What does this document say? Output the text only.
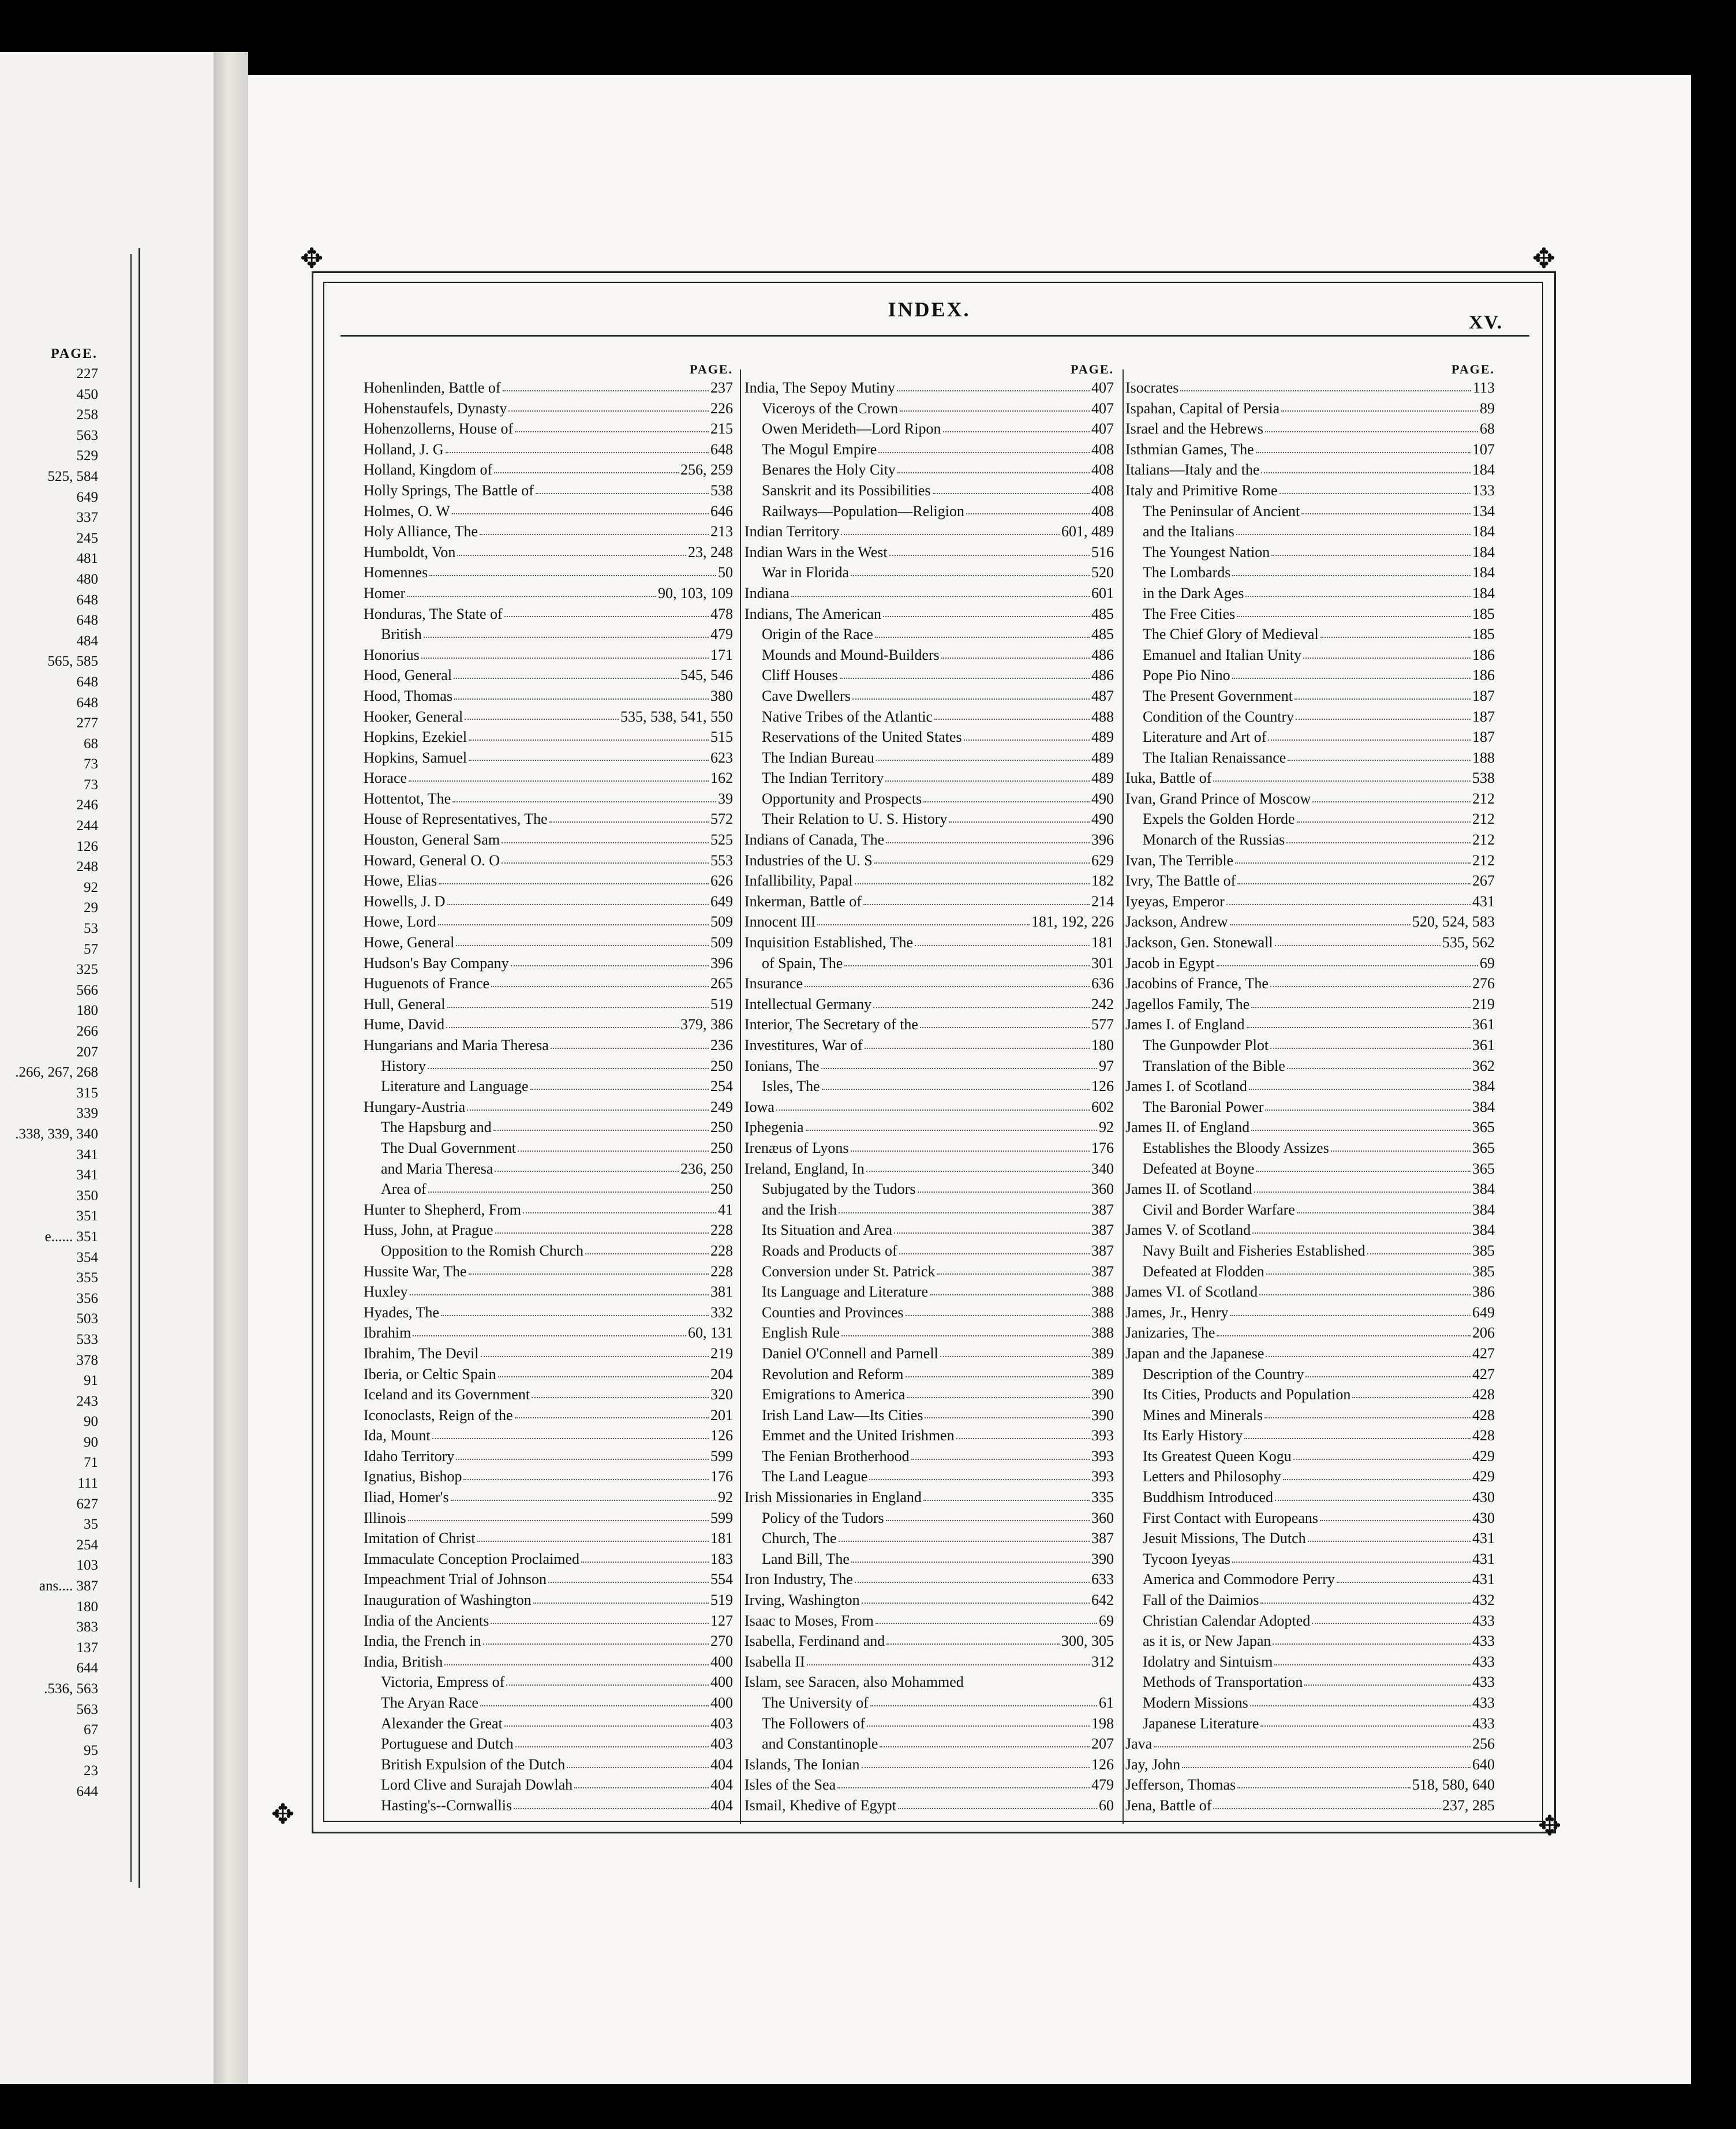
PAGE.
227
450
258
563
529
525, 584
649
337
245
481
480
648
648
484
565, 585
648
648
277
68
73
73
246
244
126
248
92
29
53
57
325
566
180
266
207
.266, 267, 268
315
339
.338, 339, 340
341
341
350
351
e...... 351
354
355
356
503
533
378
91
243
90
90
71
111
627
35
254
103
ans.... 387
180
383
137
644
.536, 563
563
67
95
23
644
✥	✥
✥	✥
INDEX.
XV.
PAGE.
Hohenlinden, Battle of	237
Hohenstaufels, Dynasty	226
Hohenzollerns, House of	215
Holland, J. G	648
Holland, Kingdom of	256, 259
Holly Springs, The Battle of	538
Holmes, O. W	646
Holy Alliance, The	213
Humboldt, Von	23, 248
Homennes	50
Homer	90, 103, 109
Honduras, The State of	478
British	479
Honorius	171
Hood, General	545, 546
Hood, Thomas	380
Hooker, General	535, 538, 541, 550
Hopkins, Ezekiel	515
Hopkins, Samuel	623
Horace	162
Hottentot, The	39
House of Representatives, The	572
Houston, General Sam	525
Howard, General O. O	553
Howe, Elias	626
Howells, J. D	649
Howe, Lord	509
Howe, General	509
Hudson's Bay Company	396
Huguenots of France	265
Hull, General	519
Hume, David	379, 386
Hungarians and Maria Theresa	236
History	250
Literature and Language	254
Hungary-Austria	249
The Hapsburg and	250
The Dual Government	250
and Maria Theresa	236, 250
Area of	250
Hunter to Shepherd, From	41
Huss, John, at Prague	228
Opposition to the Romish Church	228
Hussite War, The	228
Huxley	381
Hyades, The	332
Ibrahim	60, 131
Ibrahim, The Devil	219
Iberia, or Celtic Spain	204
Iceland and its Government	320
Iconoclasts, Reign of the	201
Ida, Mount	126
Idaho Territory	599
Ignatius, Bishop	176
Iliad, Homer's	92
Illinois	599
Imitation of Christ	181
Immaculate Conception Proclaimed	183
Impeachment Trial of Johnson	554
Inauguration of Washington	519
India of the Ancients	127
India, the French in	270
India, British	400
Victoria, Empress of	400
The Aryan Race	400
Alexander the Great	403
Portuguese and Dutch	403
British Expulsion of the Dutch	404
Lord Clive and Surajah Dowlah	404
Hasting's--Cornwallis	404
PAGE.
India, The Sepoy Mutiny	407
Viceroys of the Crown	407
Owen Merideth—Lord Ripon	407
The Mogul Empire	408
Benares the Holy City	408
Sanskrit and its Possibilities	408
Railways—Population—Religion	408
Indian Territory	601, 489
Indian Wars in the West	516
War in Florida	520
Indiana	601
Indians, The American	485
Origin of the Race	485
Mounds and Mound-Builders	486
Cliff Houses	486
Cave Dwellers	487
Native Tribes of the Atlantic	488
Reservations of the United States	489
The Indian Bureau	489
The Indian Territory	489
Opportunity and Prospects	490
Their Relation to U. S. History	490
Indians of Canada, The	396
Industries of the U. S	629
Infallibility, Papal	182
Inkerman, Battle of	214
Innocent III	181, 192, 226
Inquisition Established, The	181
of Spain, The	301
Insurance	636
Intellectual Germany	242
Interior, The Secretary of the	577
Investitures, War of	180
Ionians, The	97
Isles, The	126
Iowa	602
Iphegenia	92
Irenæus of Lyons	176
Ireland, England, In	340
Subjugated by the Tudors	360
and the Irish	387
Its Situation and Area	387
Roads and Products of	387
Conversion under St. Patrick	387
Its Language and Literature	388
Counties and Provinces	388
English Rule	388
Daniel O'Connell and Parnell	389
Revolution and Reform	389
Emigrations to America	390
Irish Land Law—Its Cities	390
Emmet and the United Irishmen	393
The Fenian Brotherhood	393
The Land League	393
Irish Missionaries in England	335
Policy of the Tudors	360
Church, The	387
Land Bill, The	390
Iron Industry, The	633
Irving, Washington	642
Isaac to Moses, From	69
Isabella, Ferdinand and	300, 305
Isabella II	312
Islam, see Saracen, also Mohammed
The University of	61
The Followers of	198
and Constantinople	207
Islands, The Ionian	126
Isles of the Sea	479
Ismail, Khedive of Egypt	60
PAGE.
Isocrates	113
Ispahan, Capital of Persia	89
Israel and the Hebrews	68
Isthmian Games, The	107
Italians—Italy and the	184
Italy and Primitive Rome	133
The Peninsular of Ancient	134
and the Italians	184
The Youngest Nation	184
The Lombards	184
in the Dark Ages	184
The Free Cities	185
The Chief Glory of Medieval	185
Emanuel and Italian Unity	186
Pope Pio Nino	186
The Present Government	187
Condition of the Country	187
Literature and Art of	187
The Italian Renaissance	188
Iuka, Battle of	538
Ivan, Grand Prince of Moscow	212
Expels the Golden Horde	212
Monarch of the Russias	212
Ivan, The Terrible	212
Ivry, The Battle of	267
Iyeyas, Emperor	431
Jackson, Andrew	520, 524, 583
Jackson, Gen. Stonewall	535, 562
Jacob in Egypt	69
Jacobins of France, The	276
Jagellos Family, The	219
James I. of England	361
The Gunpowder Plot	361
Translation of the Bible	362
James I. of Scotland	384
The Baronial Power	384
James II. of England	365
Establishes the Bloody Assizes	365
Defeated at Boyne	365
James II. of Scotland	384
Civil and Border Warfare	384
James V. of Scotland	384
Navy Built and Fisheries Established	385
Defeated at Flodden	385
James VI. of Scotland	386
James, Jr., Henry	649
Janizaries, The	206
Japan and the Japanese	427
Description of the Country	427
Its Cities, Products and Population	428
Mines and Minerals	428
Its Early History	428
Its Greatest Queen Kogu	429
Letters and Philosophy	429
Buddhism Introduced	430
First Contact with Europeans	430
Jesuit Missions, The Dutch	431
Tycoon Iyeyas	431
America and Commodore Perry	431
Fall of the Daimios	432
Christian Calendar Adopted	433
as it is, or New Japan	433
Idolatry and Sintuism	433
Methods of Transportation	433
Modern Missions	433
Japanese Literature	433
Java	256
Jay, John	640
Jefferson, Thomas	518, 580, 640
Jena, Battle of	237, 285
